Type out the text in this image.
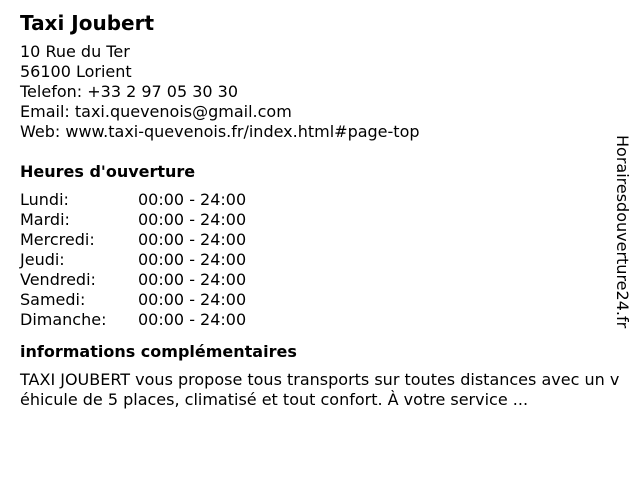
Taxi Joubert
10 Rue du Ter
56100 Lorient
Telefon: +33 2 97 05 30 30
Email: taxi.quevenois@gmail.com
Web: www.taxi-quevenois.fr/index.html#page-top
Heures d'ouverture
Lundi:	00:00 - 24:00
Mardi:	00:00 - 24:00
Mercredi:	00:00 - 24:00
Jeudi:	00:00 - 24:00
Vendredi:	00:00 - 24:00
Samedi:	00:00 - 24:00
Dimanche:	00:00 - 24:00
informations complémentaires
TAXI JOUBERT vous propose tous transports sur toutes distances avec un véhicule de 5 places, climatisé et tout confort. À votre service ...
Horairesdouverture24.fr
